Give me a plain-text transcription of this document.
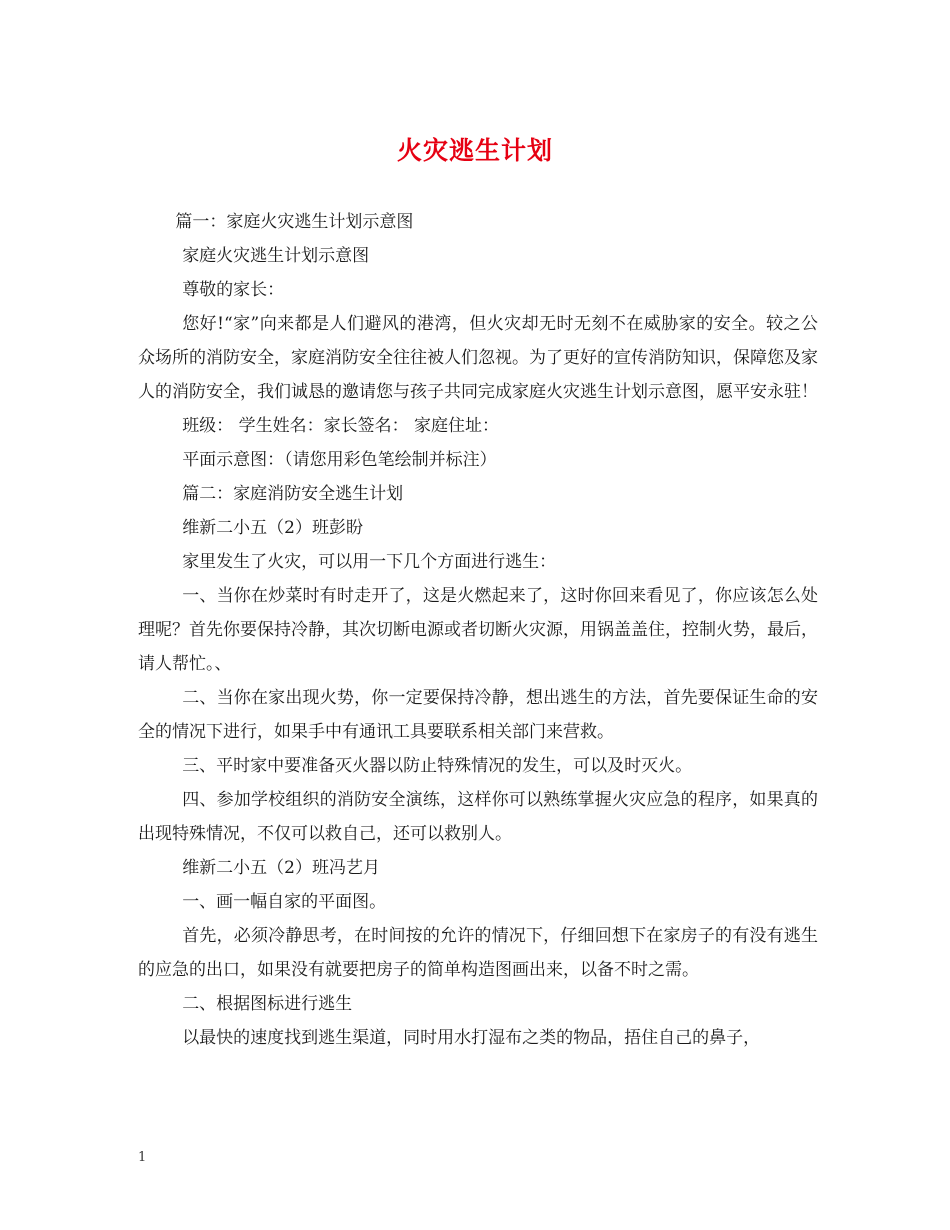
火灾逃生计划

篇一：家庭火灾逃生计划示意图

家庭火灾逃生计划示意图

尊敬的家长：

您好!“家”向来都是人们避风的港湾，但火灾却无时无刻不在威胁家的安全。较之公众场所的消防安全，家庭消防安全往往被人们忽视。为了更好的宣传消防知识，保障您及家人的消防安全，我们诚恳的邀请您与孩子共同完成家庭火灾逃生计划示意图，愿平安永驻！

班级： 学生姓名：家长签名： 家庭住址：

平面示意图：（请您用彩色笔绘制并标注）

篇二：家庭消防安全逃生计划

维新二小五（2）班彭盼

家里发生了火灾，可以用一下几个方面进行逃生：

一、当你在炒菜时有时走开了，这是火燃起来了，这时你回来看见了，你应该怎么处理呢？首先你要保持冷静，其次切断电源或者切断火灾源，用锅盖盖住，控制火势，最后，请人帮忙。、

二、当你在家出现火势，你一定要保持冷静，想出逃生的方法，首先要保证生命的安全的情况下进行，如果手中有通讯工具要联系相关部门来营救。

三、平时家中要准备灭火器以防止特殊情况的发生，可以及时灭火。

四、参加学校组织的消防安全演练，这样你可以熟练掌握火灾应急的程序，如果真的出现特殊情况，不仅可以救自己，还可以救别人。

维新二小五（2）班冯艺月

一、画一幅自家的平面图。

首先，必须冷静思考，在时间按的允许的情况下，仔细回想下在家房子的有没有逃生的应急的出口，如果没有就要把房子的简单构造图画出来，以备不时之需。

二、根据图标进行逃生

以最快的速度找到逃生渠道，同时用水打湿布之类的物品，捂住自己的鼻子，

1
